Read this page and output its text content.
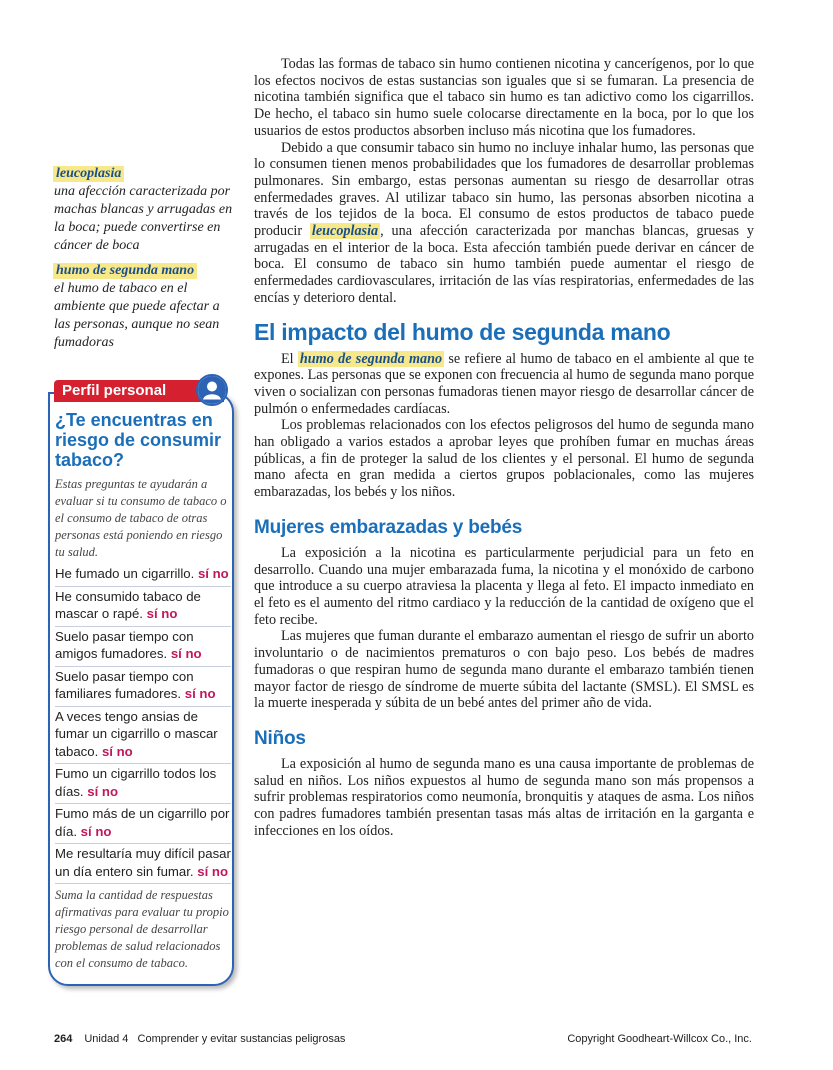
Todas las formas de tabaco sin humo contienen nicotina y cancerígenos, por lo que los efectos nocivos de estas sustancias son iguales que si se fumaran. La presencia de nicotina también significa que el tabaco sin humo es tan adictivo como los cigarrillos. De hecho, el tabaco sin humo suele colocarse directamente en la boca, por lo que los usuarios de estos productos absorben incluso más nicotina que los fumadores.

Debido a que consumir tabaco sin humo no incluye inhalar humo, las personas que lo consumen tienen menos probabilidades que los fumadores de desarrollar problemas pulmonares. Sin embargo, estas personas aumentan su riesgo de desarrollar otras enfermedades graves. Al utilizar tabaco sin humo, las personas absorben nicotina a través de los tejidos de la boca. El consumo de estos productos de tabaco puede producir leucoplasia , una afección caracterizada por manchas blancas, gruesas y arrugadas en el interior de la boca. Esta afección también puede derivar en cáncer de boca. El consumo de tabaco sin humo también puede aumentar el riesgo de enfermedades cardiovasculares, irritación de las vías respiratorias, enfermedades de las encías y deterioro dental.

El impacto del humo de segunda mano

El humo de segunda mano se refiere al humo de tabaco en el ambiente al que te expones. Las personas que se exponen con frecuencia al humo de segunda mano porque viven o socializan con personas fumadoras tienen mayor riesgo de desarrollar cáncer de pulmón o enfermedades cardíacas.

Los problemas relacionados con los efectos peligrosos del humo de segunda mano han obligado a varios estados a aprobar leyes que prohíben fumar en muchas áreas públicas, a fin de proteger la salud de los clientes y el personal. El humo de segunda mano afecta en gran medida a ciertos grupos poblacionales, como las mujeres embarazadas, los bebés y los niños.

Mujeres embarazadas y bebés

La exposición a la nicotina es particularmente perjudicial para un feto en desarrollo. Cuando una mujer embarazada fuma, la nicotina y el monóxido de carbono que introduce a su cuerpo atraviesa la placenta y llega al feto. El impacto inmediato en el feto es el aumento del ritmo cardiaco y la reducción de la cantidad de oxígeno que el feto recibe.

Las mujeres que fuman durante el embarazo aumentan el riesgo de sufrir un aborto involuntario o de nacimientos prematuros o con bajo peso. Los bebés de madres fumadoras o que respiran humo de segunda mano durante el embarazo también tienen mayor factor de riesgo de síndrome de muerte súbita del lactante (SMSL). El SMSL es la muerte inesperada y súbita de un bebé antes del primer año de vida.

Niños

La exposición al humo de segunda mano es una causa importante de problemas de salud en niños. Los niños expuestos al humo de segunda mano son más propensos a sufrir problemas respiratorios como neumonía, bronquitis y ataques de asma. Los niños con padres fumadores también presentan tasas más altas de irritación en la garganta e infecciones en los oídos.

leucoplasia
una afección caracterizada por machas blancas y arrugadas en la boca; puede convertirse en cáncer de boca
humo de segunda mano
el humo de tabaco en el ambiente que puede afectar a las personas, aunque no sean fumadoras
Perfil personal
¿Te encuentras en riesgo de consumir tabaco?
Estas preguntas te ayudarán a evaluar si tu consumo de tabaco o el consumo de tabaco de otras personas está poniendo en riesgo tu salud.
He fumado un cigarrillo. sí no
He consumido tabaco de mascar o rapé. sí no
Suelo pasar tiempo con amigos fumadores. sí no
Suelo pasar tiempo con familiares fumadores. sí no
A veces tengo ansias de fumar un cigarrillo o mascar tabaco. sí no
Fumo un cigarrillo todos los días. sí no
Fumo más de un cigarrillo por día. sí no
Me resultaría muy difícil pasar un día entero sin fumar. sí no
Suma la cantidad de respuestas afirmativas para evaluar tu propio riesgo personal de desarrollar problemas de salud relacionados con el consumo de tabaco.
264 Unidad 4   Comprender y evitar sustancias peligrosas	Copyright Goodheart-Willcox Co., Inc.
